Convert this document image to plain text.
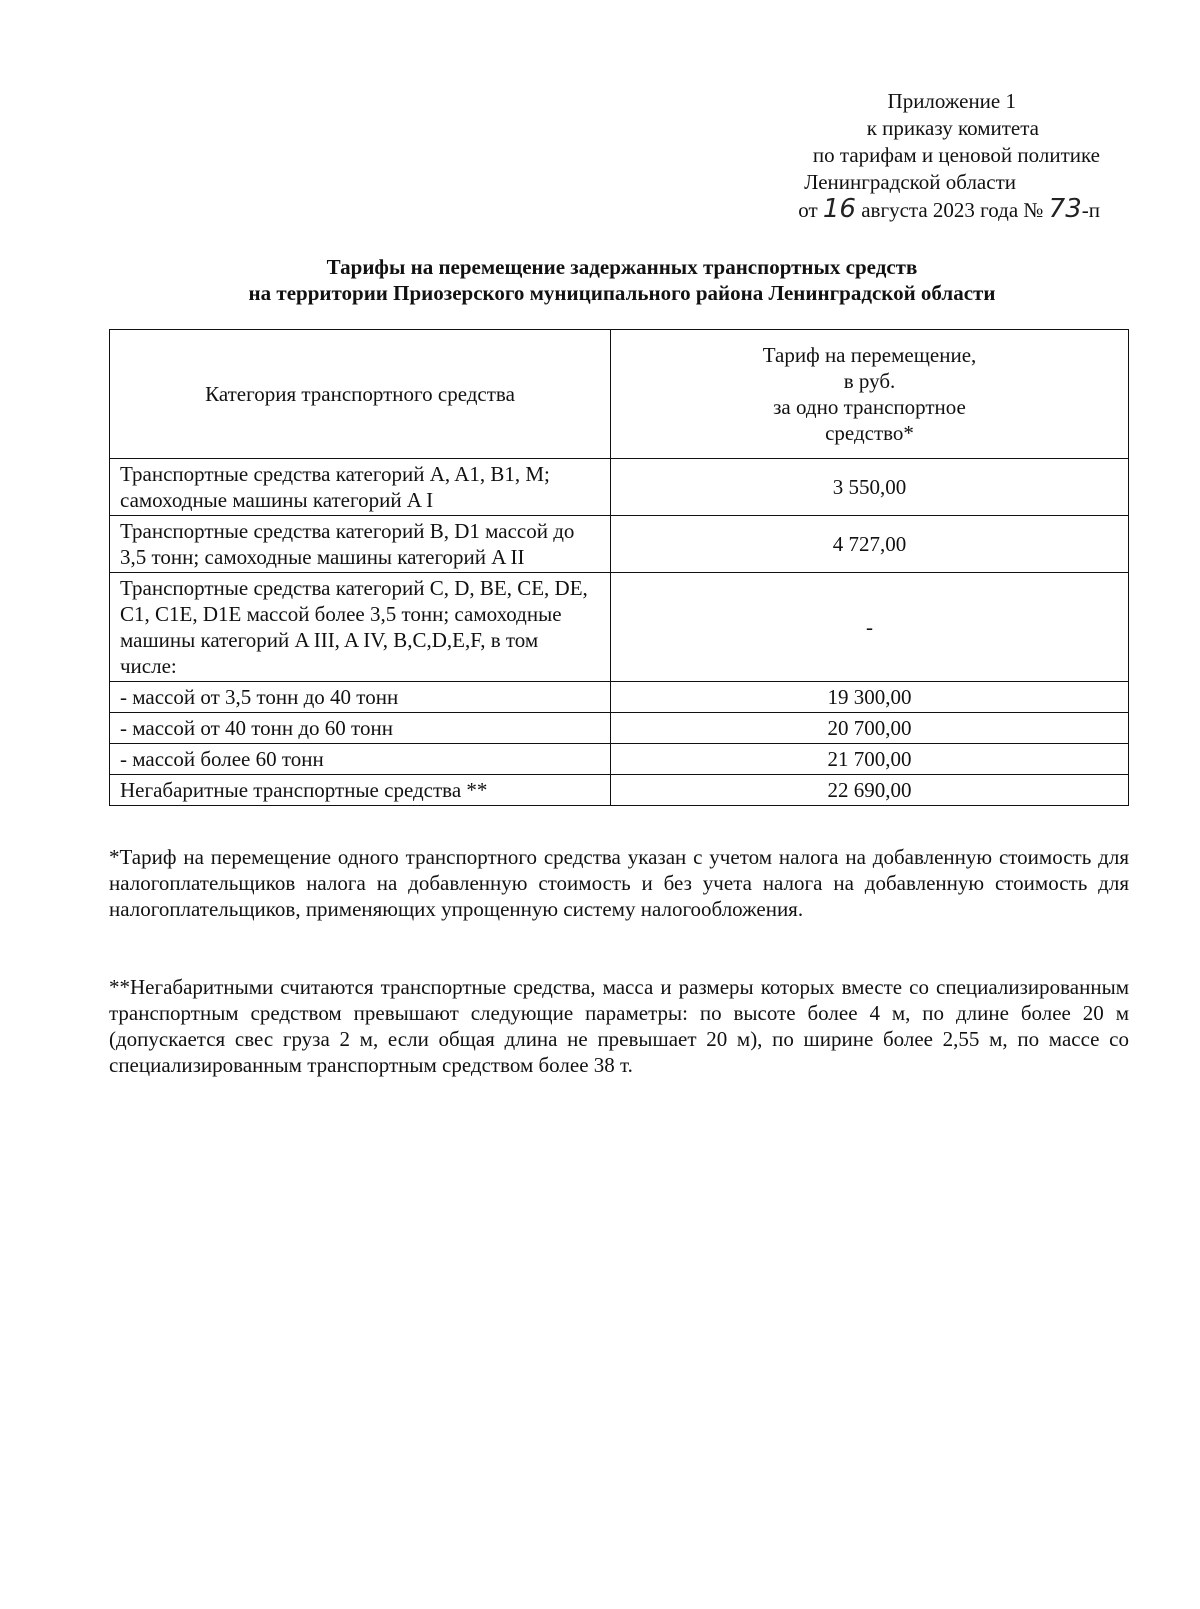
Приложение 1
к приказу комитета
по тарифам и ценовой политике
Ленинградской области
от 16 августа 2023 года № 73-п
Тарифы на перемещение задержанных транспортных средств
на территории Приозерского муниципального района Ленинградской области
Категория транспортного средства	Тариф на перемещение,
в руб.
за одно транспортное
средство*

Транспортные средства категорий A, A1, B1, M; самоходные машины категорий A I	3 550,00
Транспортные средства категорий B, D1 массой до 3,5 тонн; самоходные машины категорий A II	4 727,00
Транспортные средства категорий C, D, BE, CE, DE, C1, C1E, D1E массой более 3,5 тонн; самоходные машины категорий A III, A IV, B,C,D,E,F, в том числе:	-
- массой от 3,5 тонн до 40 тонн	19 300,00
- массой от 40 тонн до 60 тонн	20 700,00
- массой более 60 тонн	21 700,00
Негабаритные транспортные средства **	22 690,00
*Тариф на перемещение одного транспортного средства указан с учетом налога на добавленную стоимость для налогоплательщиков налога на добавленную стоимость и без учета налога на добавленную стоимость для налогоплательщиков, применяющих упрощенную систему налогообложения.
**Негабаритными считаются транспортные средства, масса и размеры которых вместе со специализированным транспортным средством превышают следующие параметры: по высоте более 4 м, по длине более 20 м (допускается свес груза 2 м, если общая длина не превышает 20 м), по ширине более 2,55 м, по массе со специализированным транспортным средством более 38 т.
